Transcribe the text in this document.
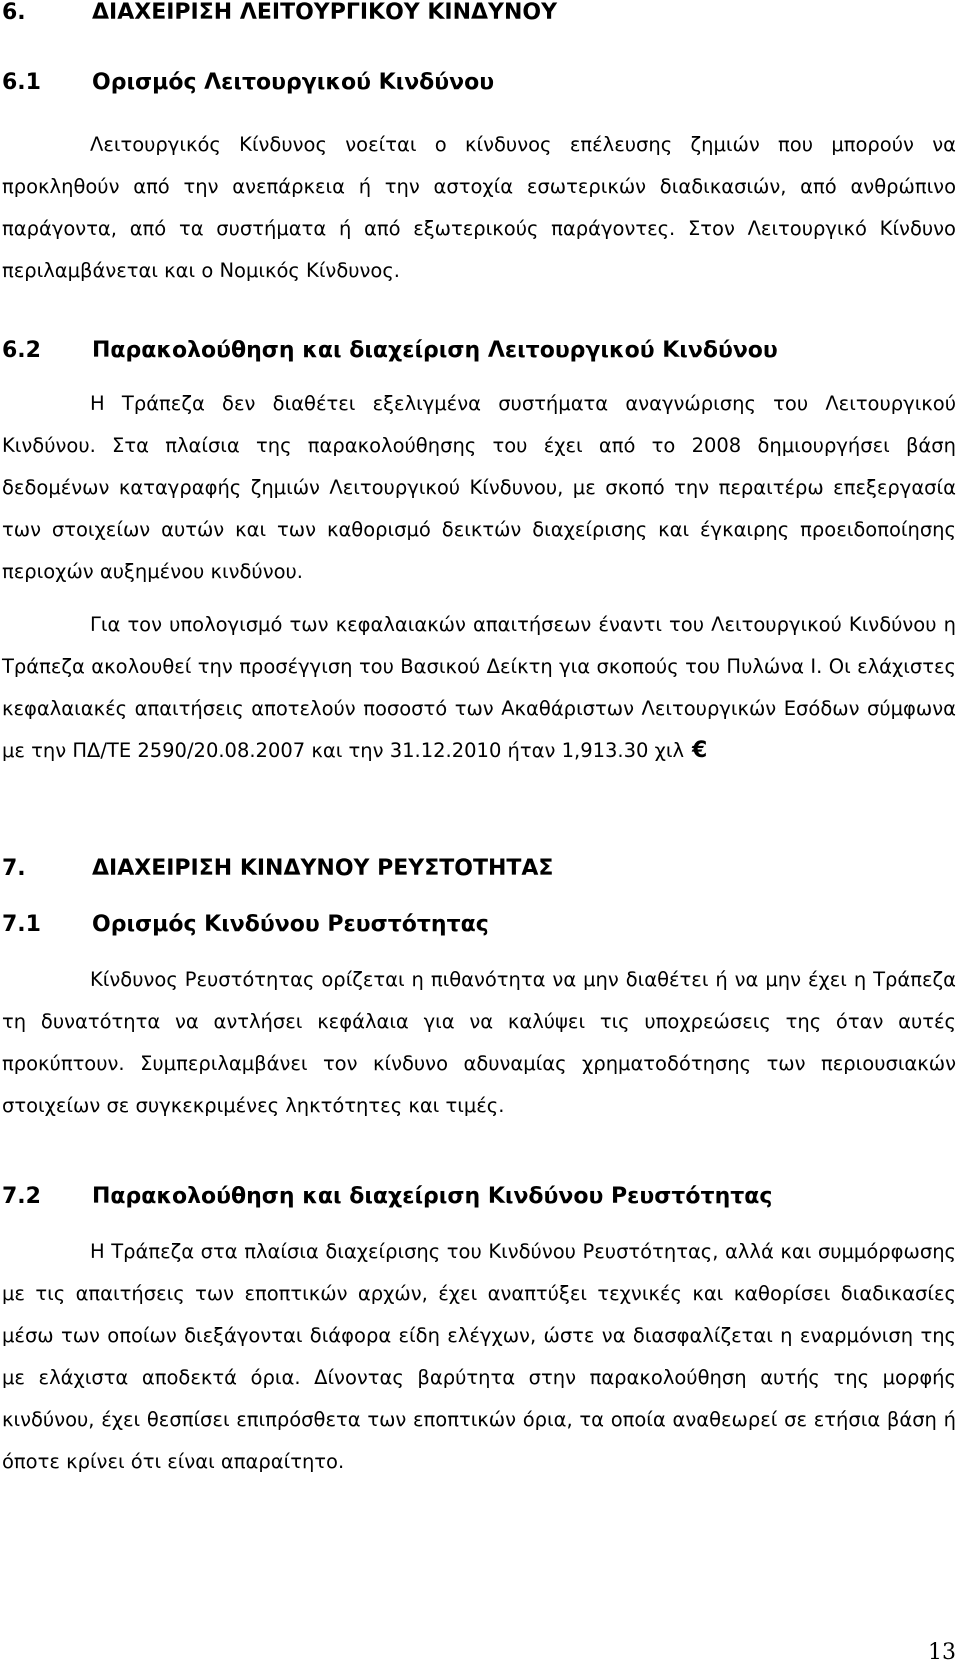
6.	ΔΙΑΧΕΙΡΙΣΗ ΛΕΙΤΟΥΡΓΙΚΟΥ ΚΙΝΔΥΝΟΥ
6.1 Ορισμός Λειτουργικού Κινδύνου

Λειτουργικός Κίνδυνος νοείται ο κίνδυνος επέλευσης ζημιών που μπορούν να προκληθούν από την ανεπάρκεια ή την αστοχία εσωτερικών διαδικασιών, από ανθρώπινο παράγοντα, από τα συστήματα ή από εξωτερικούς παράγοντες. Στον Λειτουργικό Κίνδυνο περιλαμβάνεται και ο Νομικός Κίνδυνος.

6.2 Παρακολούθηση και διαχείριση Λειτουργικού Κινδύνου

Η Τράπεζα δεν διαθέτει εξελιγμένα συστήματα αναγνώρισης του Λειτουργικού Κινδύνου. Στα πλαίσια της παρακολούθησης του έχει από το 2008 δημιουργήσει βάση δεδομένων καταγραφής ζημιών Λειτουργικού Κίνδυνου, με σκοπό την περαιτέρω επεξεργασία των στοιχείων αυτών και των καθορισμό δεικτών διαχείρισης και έγκαιρης προειδοποίησης περιοχών αυξημένου κινδύνου.

Για τον υπολογισμό των κεφαλαιακών απαιτήσεων έναντι του Λειτουργικού Κινδύνου η Τράπεζα ακολουθεί την προσέγγιση του Βασικού Δείκτη για σκοπούς του Πυλώνα Ι. Οι ελάχιστες κεφαλαιακές απαιτήσεις αποτελούν ποσοστό των Ακαθάριστων Λειτουργικών Εσόδων σύμφωνα με την ΠΔ/ΤΕ 2590/20.08.2007 και την 31.12.2010 ήταν 1,913.30 χιλ €

7.	ΔΙΑΧΕΙΡΙΣΗ ΚΙΝΔΥΝΟΥ ΡΕΥΣΤΟΤΗΤΑΣ
7.1 Ορισμός Κινδύνου Ρευστότητας

Κίνδυνος Ρευστότητας ορίζεται η πιθανότητα να μην διαθέτει ή να μην έχει η Τράπεζα τη δυνατότητα να αντλήσει κεφάλαια για να καλύψει τις υποχρεώσεις της όταν αυτές προκύπτουν. Συμπεριλαμβάνει τον κίνδυνο αδυναμίας χρηματοδότησης των περιουσιακών στοιχείων σε συγκεκριμένες ληκτότητες και τιμές.

7.2 Παρακολούθηση και διαχείριση Κινδύνου Ρευστότητας

Η Τράπεζα στα πλαίσια διαχείρισης του Κινδύνου Ρευστότητας, αλλά και συμμόρφωσης με τις απαιτήσεις των εποπτικών αρχών, έχει αναπτύξει τεχνικές και καθορίσει διαδικασίες μέσω των οποίων διεξάγονται διάφορα είδη ελέγχων, ώστε να διασφαλίζεται η εναρμόνιση της με ελάχιστα αποδεκτά όρια. Δίνοντας βαρύτητα στην παρακολούθηση αυτής της μορφής κινδύνου, έχει θεσπίσει επιπρόσθετα των εποπτικών όρια, τα οποία αναθεωρεί σε ετήσια βάση ή όποτε κρίνει ότι είναι απαραίτητο.

13
